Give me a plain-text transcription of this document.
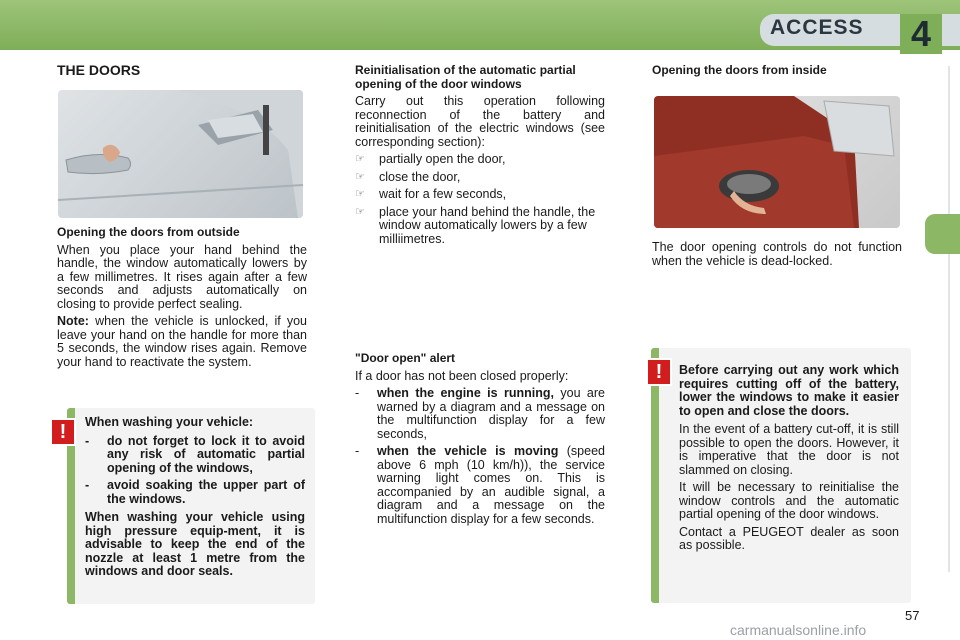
ACCESS	4
THE DOORS
Opening the doors from outside

When you place your hand behind the handle, the window automatically lowers by a few millimetres. It rises again after a few seconds and adjusts automatically on closing to provide perfect sealing.

Note: when the vehicle is unlocked, if you leave your hand on the handle for more than 5 seconds, the window rises again. Remove your hand to reactivate the system.

!	When washing your vehicle:
- do not forget to lock it to avoid any risk of automatic partial opening of the windows,
- avoid soaking the upper part of the windows.

When washing your vehicle using high pressure equip-ment, it is advisable to keep the end of the nozzle at least 1 metre from the windows and door seals.

Reinitialisation of the automatic partial opening of the door windows

Carry out this operation following reconnection of the battery and reinitialisation of the electric windows (see corresponding section):

☞ partially open the door,
☞ close the door,
☞ wait for a few seconds,
☞ place your hand behind the handle, the window automatically lowers by a few milliimetres.
"Door open" alert

If a door has not been closed properly:

- when the engine is running, you are warned by a diagram and a message on the multifunction display for a few seconds,
- when the vehicle is moving (speed above 6 mph (10 km/h)), the service warning light comes on. This is accompanied by an audible signal, a diagram and a message on the multifunction display for a few seconds.
Opening the doors from inside

The door opening controls do not function when the vehicle is dead-locked.

!	Before carrying out any work which requires cutting off of the battery, lower the windows to make it easier to open and close the doors.

In the event of a battery cut-off, it is still possible to open the doors. However, it is imperative that the door is not slammed on closing.

It will be necessary to reinitialise the window controls and the automatic partial opening of the door windows.

Contact a PEUGEOT dealer as soon as possible.

57
carmanualsonline.info
